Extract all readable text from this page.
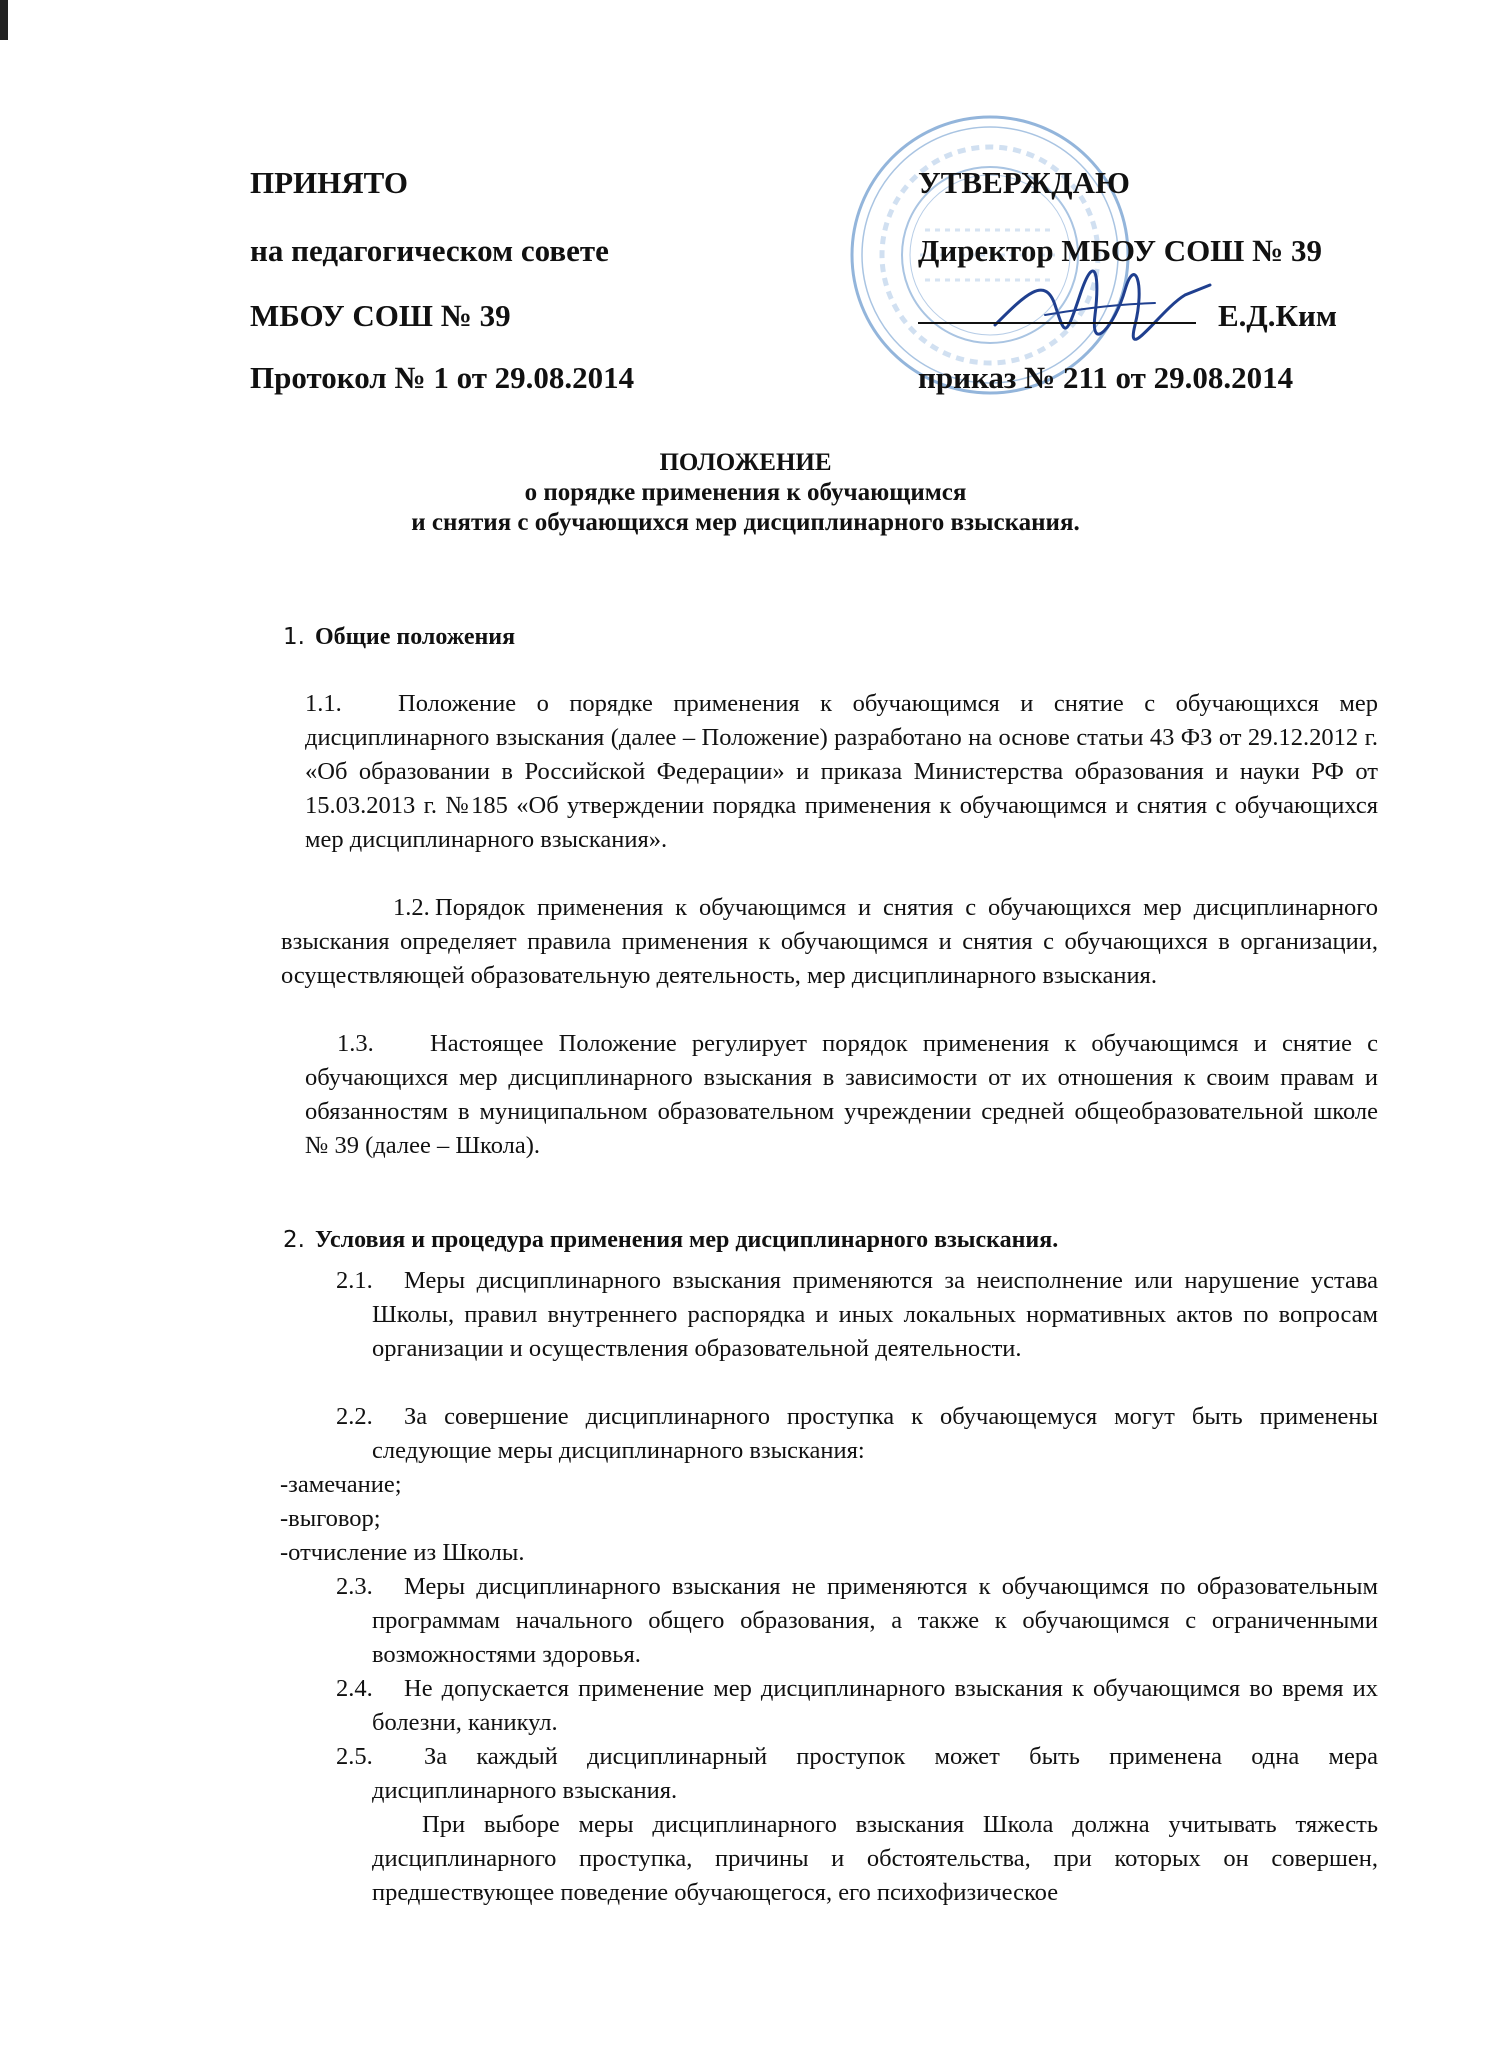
ПРИНЯТО
на педагогическом совете
МБОУ СОШ № 39
Протокол № 1 от 29.08.2014
УТВЕРЖДАЮ
Директор МБОУ СОШ № 39
Е.Д.Ким
приказ № 211 от 29.08.2014
ПОЛОЖЕНИЕ
о порядке применения к обучающимся
и снятия с обучающихся мер дисциплинарного взыскания.
1. Общие положения
1.1. Положение о порядке применения к обучающимся и снятие с обучающихся мер дисциплинарного взыскания (далее – Положение) разработано на основе статьи 43 ФЗ от 29.12.2012 г. «Об образовании в Российской Федерации» и приказа Министерства образования и науки РФ от 15.03.2013 г. №185 «Об утверждении порядка применения к обучающимся и снятия с обучающихся мер дисциплинарного взыскания».
1.2. Порядок применения к обучающимся и снятия с обучающихся мер дисциплинарного взыскания определяет правила применения к обучающимся и снятия с обучающихся в организации, осуществляющей образовательную деятельность, мер дисциплинарного взыскания.
1.3. Настоящее Положение регулирует порядок применения к обучающимся и снятие с обучающихся мер дисциплинарного взыскания в зависимости от их отношения к своим правам и обязанностям в муниципальном образовательном учреждении средней общеобразовательной школе № 39 (далее – Школа).
2. Условия и процедура применения мер дисциплинарного взыскания.
2.1. Меры дисциплинарного взыскания применяются за неисполнение или нарушение устава Школы, правил внутреннего распорядка и иных локальных нормативных актов по вопросам организации и осуществления образовательной деятельности.
2.2. За совершение дисциплинарного проступка к обучающемуся могут быть применены следующие меры дисциплинарного взыскания:
-замечание;
-выговор;
-отчисление из Школы.
2.3. Меры дисциплинарного взыскания не применяются к обучающимся по образовательным программам начального общего образования, а также к обучающимся с ограниченными возможностями здоровья.
2.4. Не допускается применение мер дисциплинарного взыскания к обучающимся во время их болезни, каникул.
2.5. За каждый дисциплинарный проступок может быть применена одна мера дисциплинарного взыскания.
При выборе меры дисциплинарного взыскания Школа должна учитывать тяжесть дисциплинарного проступка, причины и обстоятельства, при которых он совершен, предшествующее поведение обучающегося, его психофизическое
